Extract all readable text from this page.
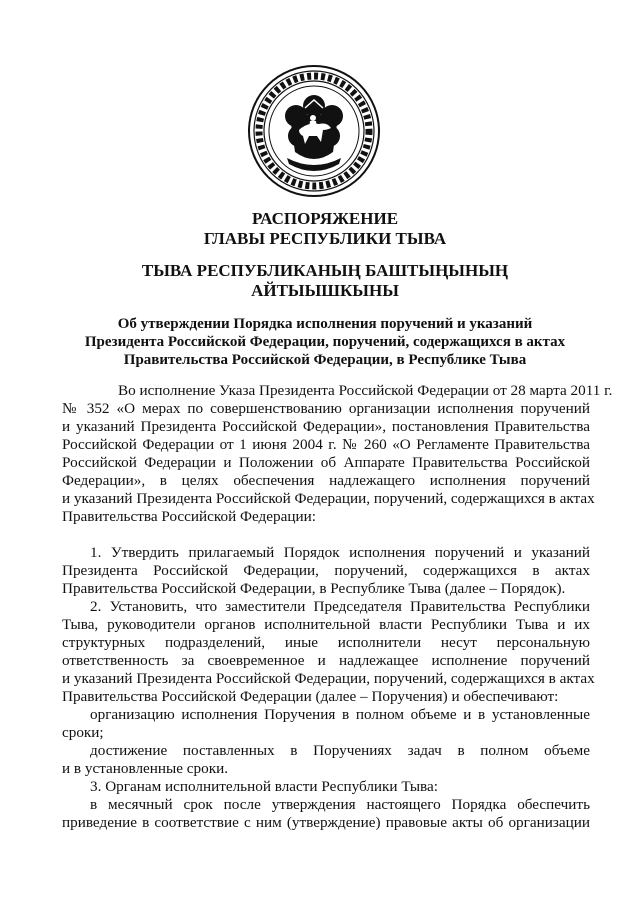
РАСПОРЯЖЕНИЕ
ГЛАВЫ РЕСПУБЛИКИ ТЫВА
ТЫВА РЕСПУБЛИКАНЫҢ БАШТЫҢЫНЫҢ
АЙТЫЫШКЫНЫ
Об утверждении Порядка исполнения поручений и указаний
Президента Российской Федерации, поручений, содержащихся в актах
Правительства Российской Федерации, в Республике Тыва
Во исполнение Указа Президента Российской Федерации от 28 марта 2011 г.
№ 352 «О мерах по совершенствованию организации исполнения поручений
и указаний Президента Российской Федерации», постановления Правительства
Российской Федерации от 1 июня 2004 г. № 260 «О Регламенте Правительства
Российской Федерации и Положении об Аппарате Правительства Российской
Федерации», в целях обеспечения надлежащего исполнения поручений
и указаний Президента Российской Федерации, поручений, содержащихся в актах
Правительства Российской Федерации:
1. Утвердить прилагаемый Порядок исполнения поручений и указаний
Президента Российской Федерации, поручений, содержащихся в актах
Правительства Российской Федерации, в Республике Тыва (далее – Порядок).
2. Установить, что заместители Председателя Правительства Республики
Тыва, руководители органов исполнительной власти Республики Тыва и их
структурных подразделений, иные исполнители несут персональную
ответственность за своевременное и надлежащее исполнение поручений
и указаний Президента Российской Федерации, поручений, содержащихся в актах
Правительства Российской Федерации (далее – Поручения) и обеспечивают:
организацию исполнения Поручения в полном объеме и в установленные
сроки;
достижение поставленных в Поручениях задач в полном объеме
и в установленные сроки.
3. Органам исполнительной власти Республики Тыва:
в месячный срок после утверждения настоящего Порядка обеспечить
приведение в соответствие с ним (утверждение) правовые акты об организации
